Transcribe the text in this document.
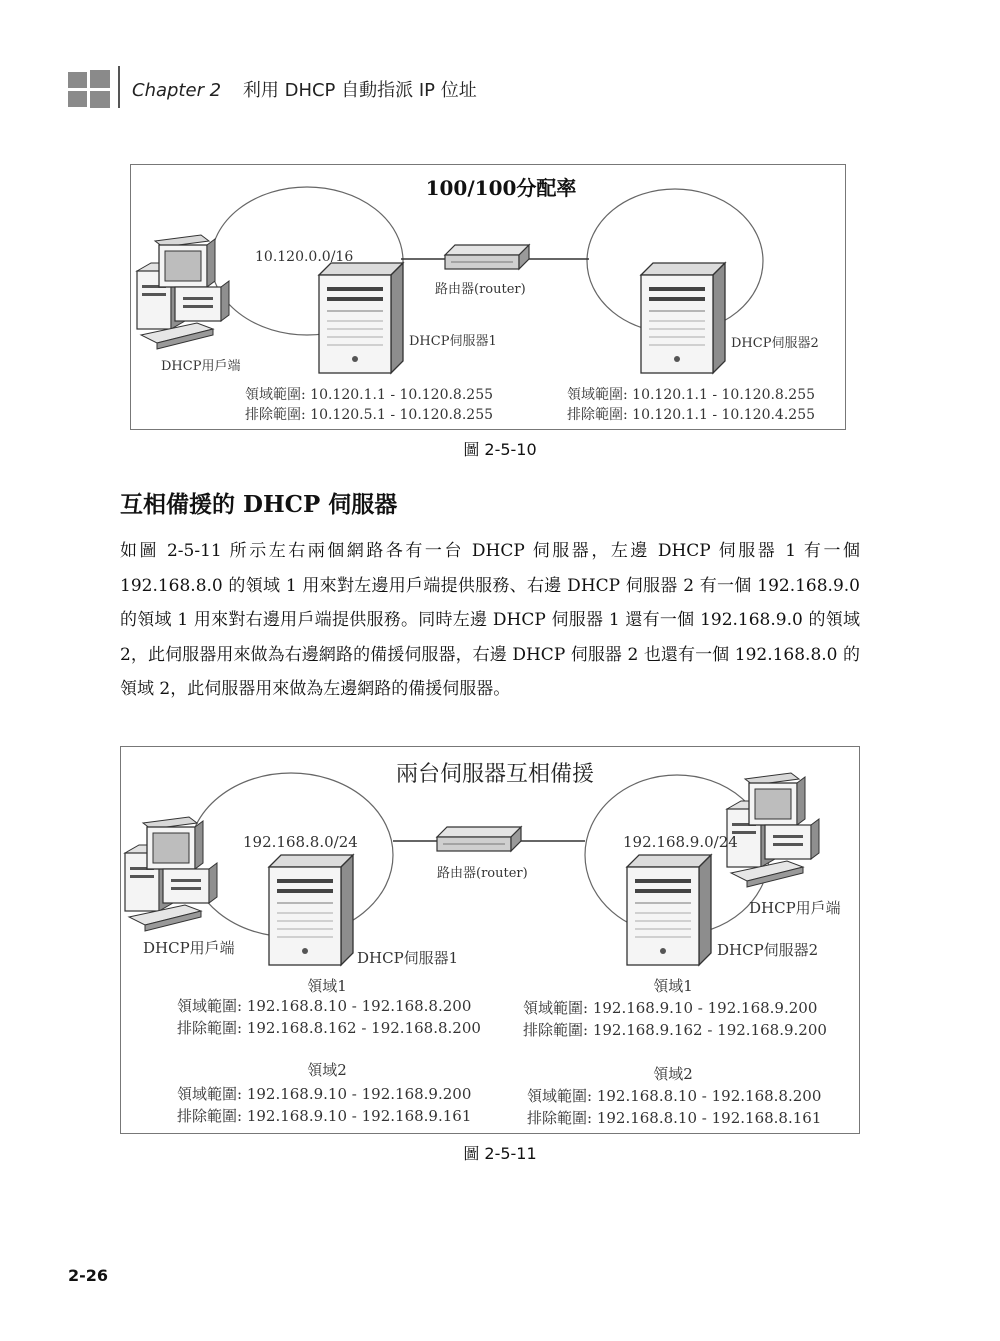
Chapter 2 利用 DHCP 自動指派 IP 位址
100/100分配率
10.120.0.0/16
路由器(router)
DHCP伺服器1	DHCP伺服器2
DHCP用戶端
領域範圍: 10.120.1.1 - 10.120.8.255
排除範圍: 10.120.5.1 - 10.120.8.255
領域範圍: 10.120.1.1 - 10.120.8.255
排除範圍: 10.120.1.1 - 10.120.4.255
圖 2-5-10
互相備援的 DHCP 伺服器

如圖 2-5-11 所示左右兩個網路各有一台 DHCP 伺服器，左邊 DHCP 伺服器 1 有一個 192.168.8.0 的領域 1 用來對左邊用戶端提供服務、右邊 DHCP 伺服器 2 有一個 192.168.9.0 的領域 1 用來對右邊用戶端提供服務。同時左邊 DHCP 伺服器 1 還有一個 192.168.9.0 的領域 2，此伺服器用來做為右邊網路的備援伺服器，右邊 DHCP 伺服器 2 也還有一個 192.168.8.0 的領域 2，此伺服器用來做為左邊網路的備援伺服器。

兩台伺服器互相備援
192.168.8.0/24	192.168.9.0/24
路由器(router)
DHCP用戶端
DHCP用戶端
DHCP伺服器1	DHCP伺服器2
領域1
領域範圍: 192.168.8.10 - 192.168.8.200
排除範圍: 192.168.8.162 - 192.168.8.200
領域2
領域範圍: 192.168.9.10 - 192.168.9.200
排除範圍: 192.168.9.10 - 192.168.9.161
領域1
領域範圍: 192.168.9.10 - 192.168.9.200
排除範圍: 192.168.9.162 - 192.168.9.200
領域2
領域範圍: 192.168.8.10 - 192.168.8.200
排除範圍: 192.168.8.10 - 192.168.8.161
圖 2-5-11
2-26
